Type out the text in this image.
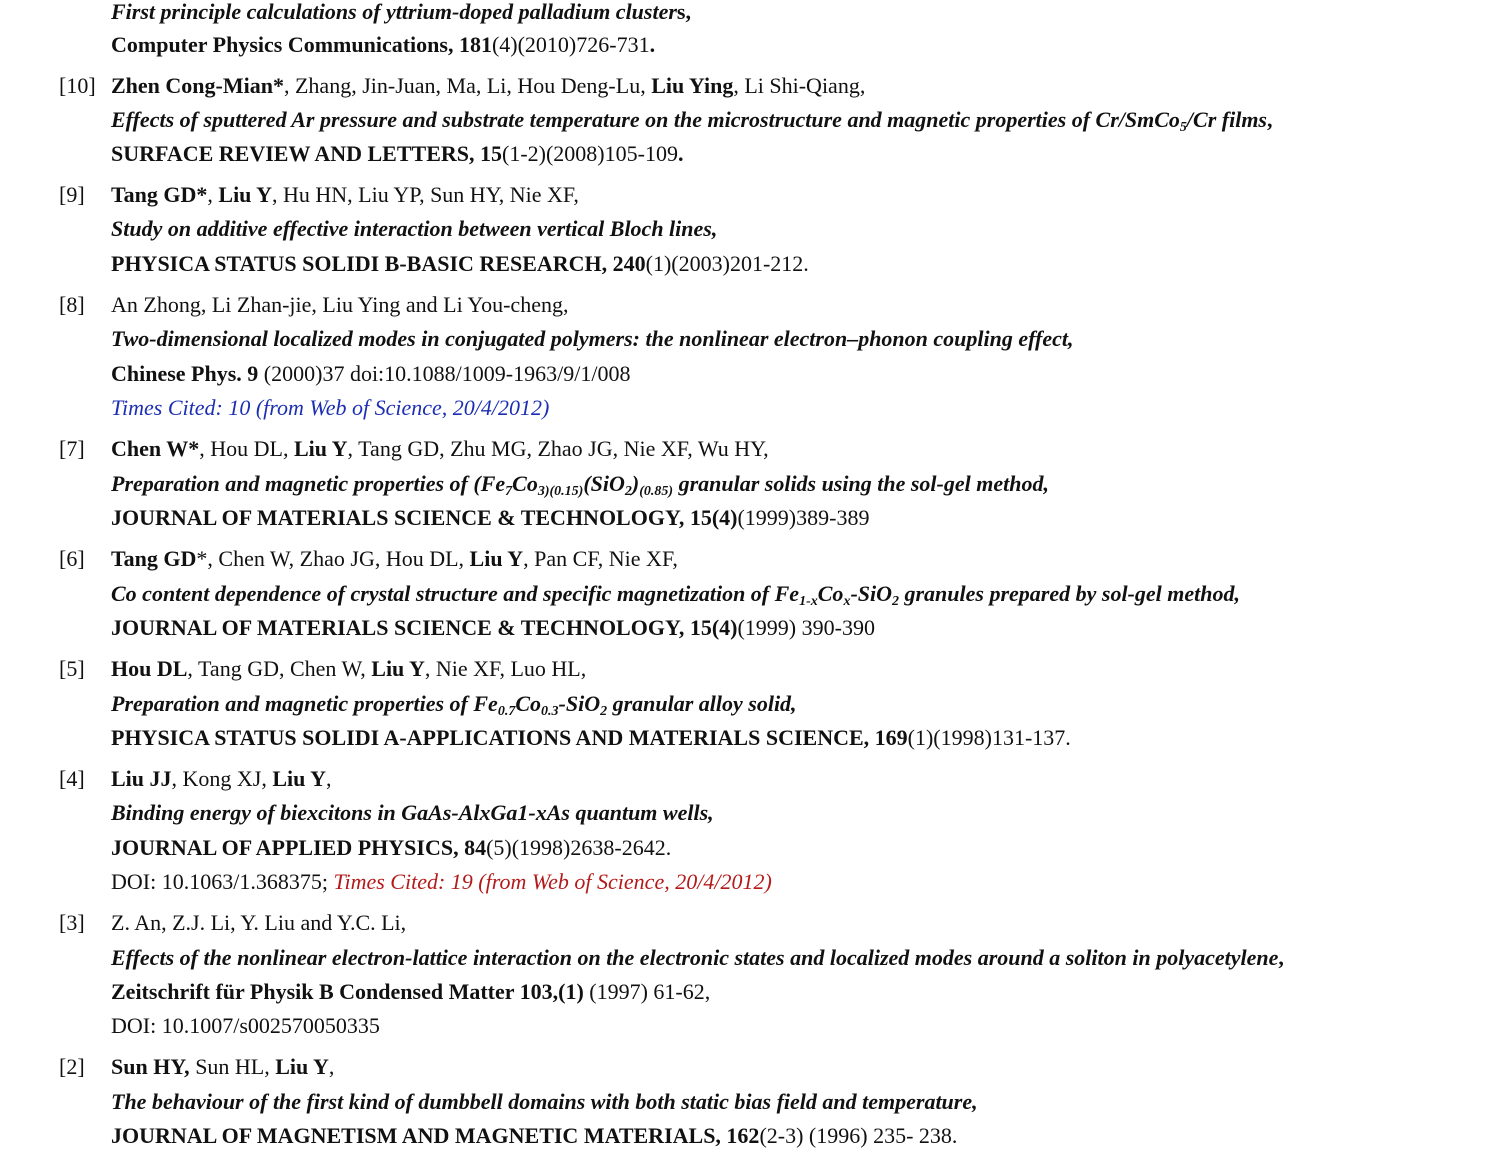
First principle calculations of yttrium-doped palladium clusters,
Computer Physics Communications, 181(4)(2010)726-731.
[10] Zhen Cong-Mian*, Zhang, Jin-Juan, Ma, Li, Hou Deng-Lu, Liu Ying, Li Shi-Qiang,
Effects of sputtered Ar pressure and substrate temperature on the microstructure and magnetic properties of Cr/SmCo$_5$/Cr films,
SURFACE REVIEW AND LETTERS, 15(1-2)(2008)105-109.
[9] Tang GD*, Liu Y, Hu HN, Liu YP, Sun HY, Nie XF,
Study on additive effective interaction between vertical Bloch lines,
PHYSICA STATUS SOLIDI B-BASIC RESEARCH, 240(1)(2003)201-212.
[8] An Zhong, Li Zhan-jie, Liu Ying and Li You-cheng,
Two-dimensional localized modes in conjugated polymers: the nonlinear electron–phonon coupling effect,
Chinese Phys. 9 (2000)37 doi:10.1088/1009-1963/9/1/008
Times Cited: 10 (from Web of Science, 20/4/2012)
[7] Chen W*, Hou DL, Liu Y, Tang GD, Zhu MG, Zhao JG, Nie XF, Wu HY,
Preparation and magnetic properties of ($Fe_7Co_{3)(0.15)}(SiO_2)_{(0.85)}$ granular solids using the sol-gel method,
JOURNAL OF MATERIALS SCIENCE & TECHNOLOGY, 15(4)(1999)389-389
[6] Tang GD*, Chen W, Zhao JG, Hou DL, Liu Y, Pan CF, Nie XF,
Co content dependence of crystal structure and specific magnetization of $Fe_{1-x}Co_x-SiO_2$ granules prepared by sol-gel method,
JOURNAL OF MATERIALS SCIENCE & TECHNOLOGY, 15(4)(1999) 390-390
[5] Hou DL, Tang GD, Chen W, Liu Y, Nie XF, Luo HL,
Preparation and magnetic properties of $Fe_{0.7}Co_{0.3}-SiO_2$ granular alloy solid,
PHYSICA STATUS SOLIDI A-APPLICATIONS AND MATERIALS SCIENCE, 169(1)(1998)131-137.
[4] Liu JJ, Kong XJ, Liu Y,
Binding energy of biexcitons in GaAs-AlxGa1-xAs quantum wells,
JOURNAL OF APPLIED PHYSICS, 84(5)(1998)2638-2642.
DOI: 10.1063/1.368375; Times Cited: 19 (from Web of Science, 20/4/2012)
[3] Z. An, Z.J. Li, Y. Liu and Y.C. Li,
Effects of the nonlinear electron-lattice interaction on the electronic states and localized modes around a soliton in polyacetylene,
Zeitschrift für Physik B Condensed Matter 103,(1) (1997) 61-62,
DOI: 10.1007/s002570050335
[2] Sun HY, Sun HL, Liu Y,
The behaviour of the first kind of dumbbell domains with both static bias field and temperature,
JOURNAL OF MAGNETISM AND MAGNETIC MATERIALS, 162(2-3) (1996) 235- 238.
